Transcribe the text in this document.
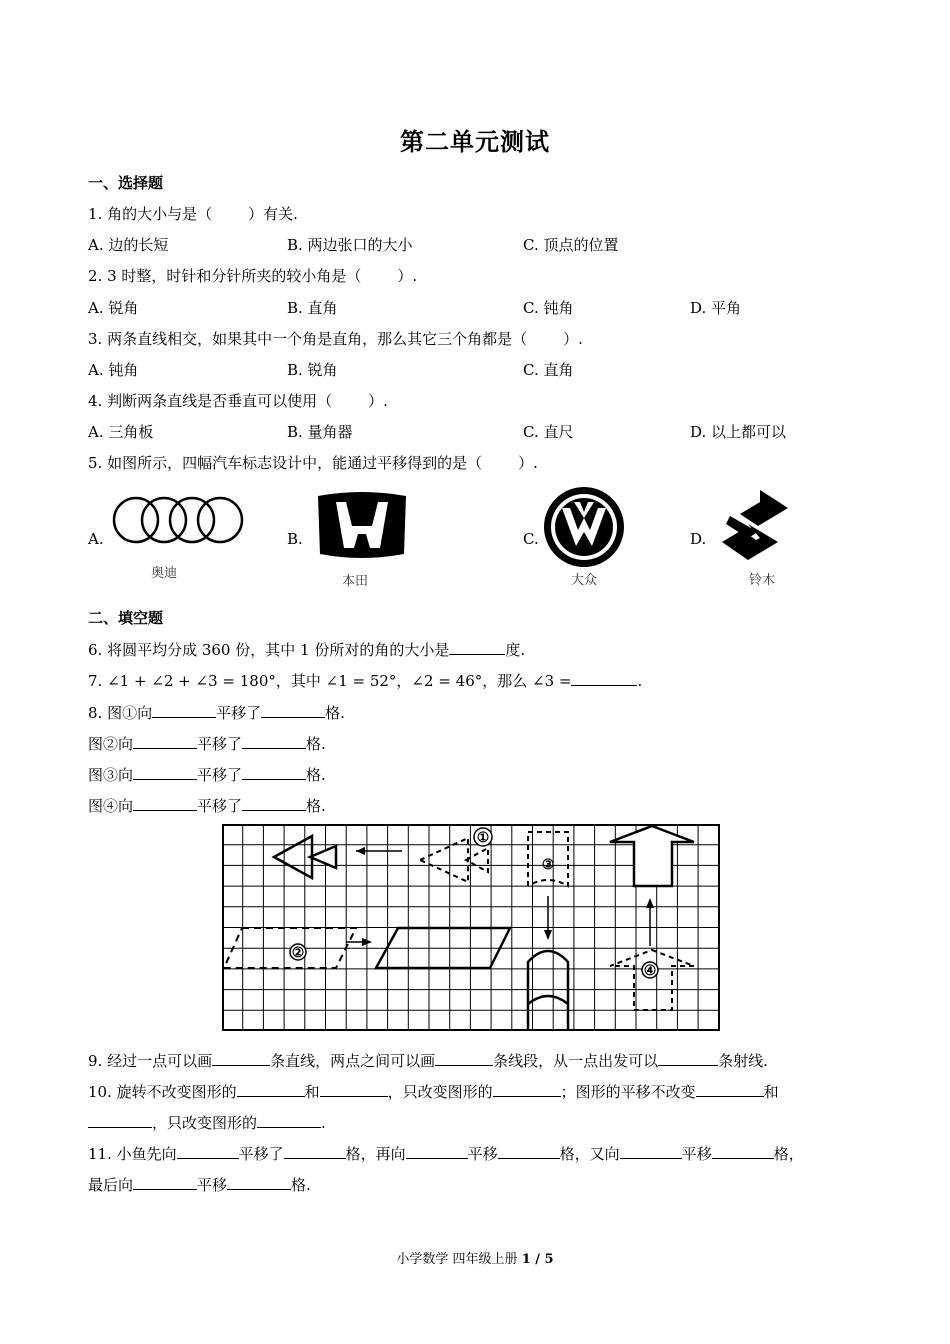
第二单元测试
一、选择题
1. 角的大小与是（ ）有关.
A. 边的长短	B. 两边张口的大小	C. 顶点的位置
2. 3 时整，时针和分针所夹的较小角是（ ）.
A. 锐角	B. 直角	C. 钝角	D. 平角
3. 两条直线相交，如果其中一个角是直角，那么其它三个角都是（ ）.
A. 钝角	B. 锐角	C. 直角
4. 判断两条直线是否垂直可以使用（ ）.
A. 三角板	B. 量角器	C. 直尺	D. 以上都可以
5. 如图所示，四幅汽车标志设计中，能通过平移得到的是（ ）.
A.
奥迪
B.
本田
C.
大众
D.
铃木
二、填空题
6. 将圆平均分成 360 份，其中 1 份所对的角的大小是	度.
7. ∠1 + ∠2 + ∠3 = 180°，其中 ∠1 = 52°，∠2 = 46°，那么 ∠3 =	.
8. 图①向	平移了	格.
图②向	平移了	格.
图③向	平移了	格.
图④向	平移了	格.
①
③
②
④
9. 经过一点可以画	条直线，两点之间可以画	条线段，从一点出发可以	条射线.
10. 旋转不改变图形的	和	，只改变图形的	；图形的平移不改变	和
，只改变图形的	.
11. 小鱼先向	平移了	格，再向	平移	格，又向	平移	格，
最后向	平移	格.
小学数学 四年级上册 1 / 5
